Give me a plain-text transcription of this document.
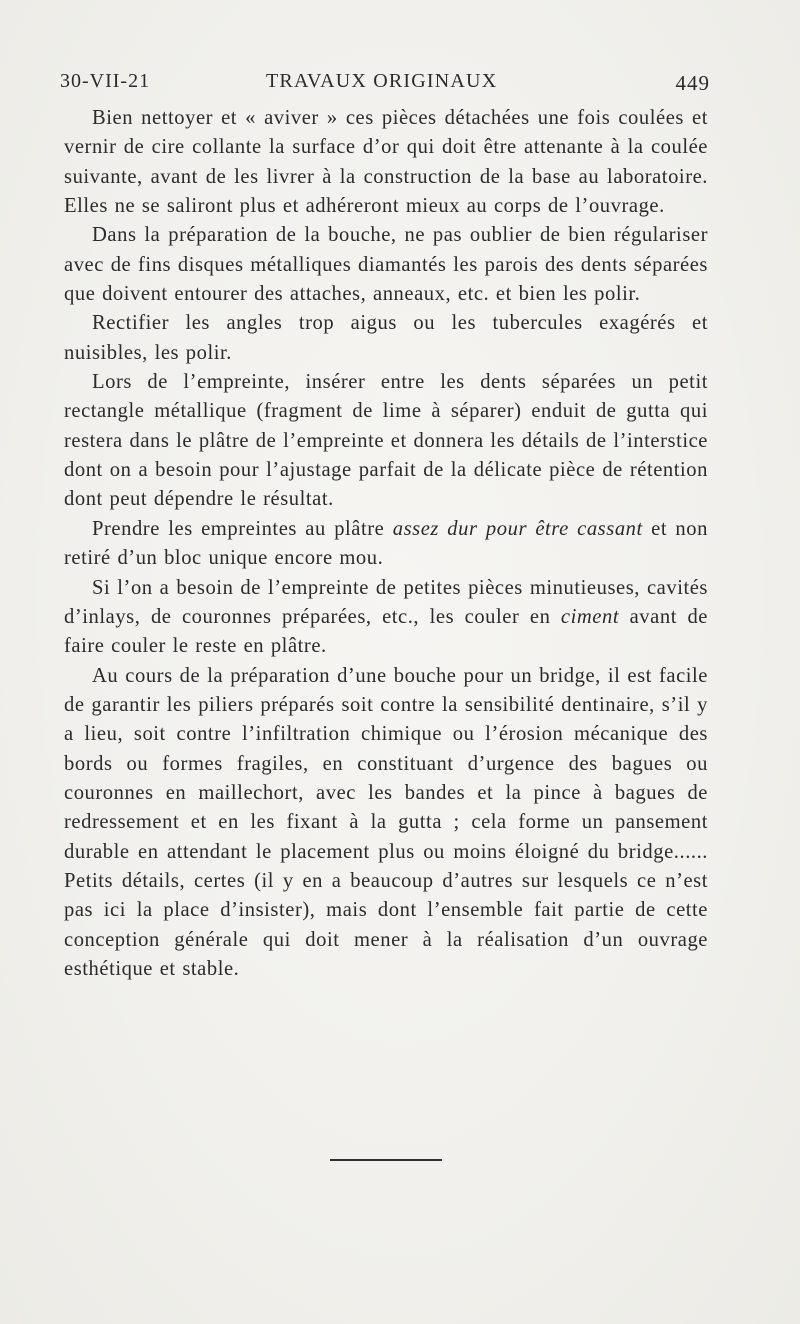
30-VII-21	TRAVAUX ORIGINAUX	449

Bien nettoyer et « aviver » ces pièces détachées une fois coulées et vernir de cire collante la surface d’or qui doit être attenante à la coulée suivante, avant de les livrer à la construction de la base au laboratoire. Elles ne se saliront plus et adhéreront mieux au corps de l’ouvrage.

Dans la préparation de la bouche, ne pas oublier de bien régulariser avec de fins disques métalliques diamantés les parois des dents séparées que doivent entourer des attaches, anneaux, etc. et bien les polir.

Rectifier les angles trop aigus ou les tubercules exagérés et nuisibles, les polir.

Lors de l’empreinte, insérer entre les dents séparées un petit rectangle métallique (fragment de lime à séparer) enduit de gutta qui restera dans le plâtre de l’empreinte et donnera les détails de l’interstice dont on a besoin pour l’ajustage parfait de la délicate pièce de rétention dont peut dépendre le résultat.

Prendre les empreintes au plâtre assez dur pour être cassant et non retiré d’un bloc unique encore mou.

Si l’on a besoin de l’empreinte de petites pièces minutieuses, cavités d’inlays, de couronnes préparées, etc., les couler en ciment avant de faire couler le reste en plâtre.

Au cours de la préparation d’une bouche pour un bridge, il est facile de garantir les piliers préparés soit contre la sensibilité dentinaire, s’il y a lieu, soit contre l’infiltration chimique ou l’érosion mécanique des bords ou formes fragiles, en constituant d’urgence des bagues ou couronnes en maillechort, avec les bandes et la pince à bagues de redressement et en les fixant à la gutta ; cela forme un pansement durable en attendant le placement plus ou moins éloigné du bridge...... Petits détails, certes (il y en a beaucoup d’autres sur lesquels ce n’est pas ici la place d’insister), mais dont l’ensemble fait partie de cette conception générale qui doit mener à la réalisation d’un ouvrage esthétique et stable.
